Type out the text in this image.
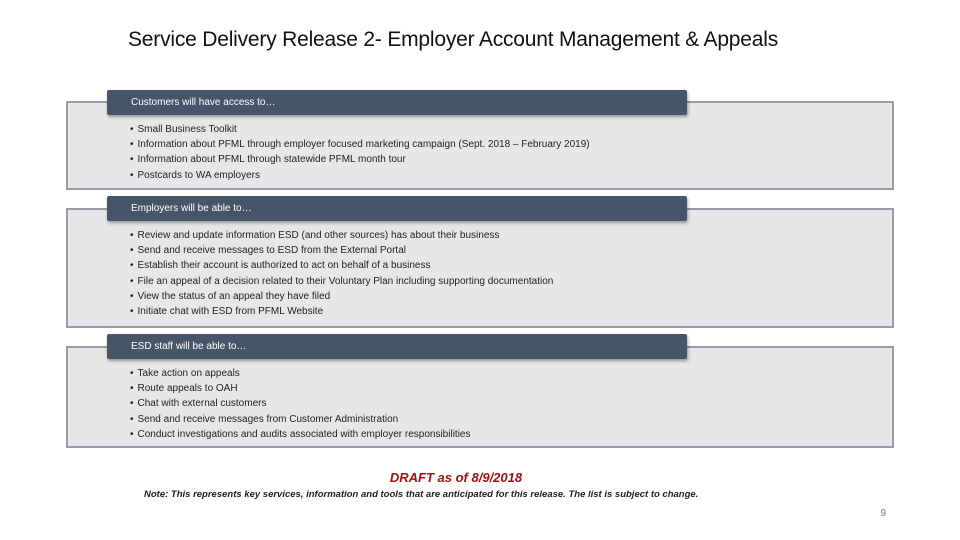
Service Delivery Release 2- Employer Account Management & Appeals
Customers will have access to…
• Small Business Toolkit
• Information about PFML through employer focused marketing campaign (Sept. 2018 – February 2019)
• Information about PFML through statewide PFML month tour
• Postcards to WA employers
Employers will be able to…
• Review and update information ESD (and other sources) has about their business
• Send and receive messages to ESD from the External Portal
• Establish their account is authorized to act on behalf of a business
• File an appeal of a decision related to their Voluntary Plan including supporting documentation
• View the status of an appeal they have filed
• Initiate chat with ESD from PFML Website
ESD staff will be able to…
• Take action on appeals
• Route appeals to OAH
• Chat with external customers
• Send and receive messages from Customer Administration
• Conduct investigations and audits associated with employer responsibilities
DRAFT as of 8/9/2018
Note: This represents key services, information and tools that are anticipated for this release. The list is subject to change.
9
